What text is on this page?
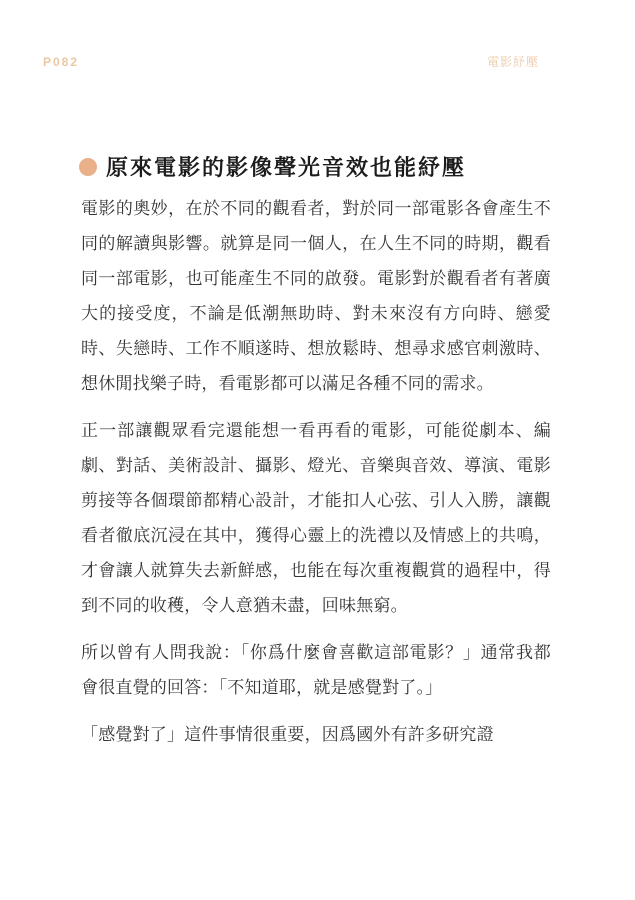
P082	電影紓壓
原來電影的影像聲光音效也能紓壓

電影的奧妙，在於不同的觀看者，對於同一部電影各會產生不同的解讀與影響。就算是同一個人，在人生不同的時期，觀看同一部電影，也可能產生不同的啟發。電影對於觀看者有著廣大的接受度，不論是低潮無助時、對未來沒有方向時、戀愛時、失戀時、工作不順遂時、想放鬆時、想尋求感官刺激時、想休閒找樂子時，看電影都可以滿足各種不同的需求。

正一部讓觀眾看完還能想一看再看的電影，可能從劇本、編劇、對話、美術設計、攝影、燈光、音樂與音效、導演、電影剪接等各個環節都精心設計，才能扣人心弦、引人入勝，讓觀看者徹底沉浸在其中，獲得心靈上的洗禮以及情感上的共鳴，才會讓人就算失去新鮮感，也能在每次重複觀賞的過程中，得到不同的收穫，令人意猶未盡，回味無窮。

所以曾有人問我說：「你爲什麼會喜歡這部電影？」通常我都會很直覺的回答：「不知道耶，就是感覺對了。」

「感覺對了」這件事情很重要，因爲國外有許多研究證
